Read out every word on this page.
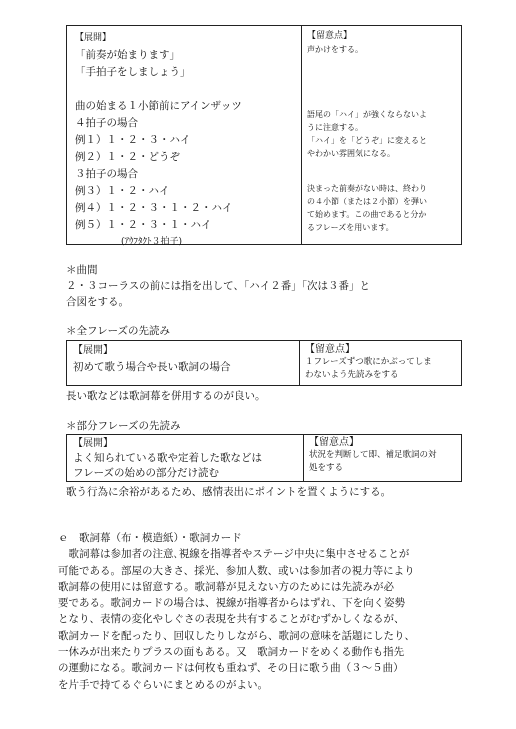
【展開】
「前奏が始まります」
「手拍子をしましょう」
曲の始まる１小節前にアインザッツ
４拍子の場合
例１）１・２・３・ハイ
例２）１・２・どうぞ
３拍子の場合
例３）１・２・ハイ
例４）１・２・３・１・２・ハイ
例５）１・２・３・１・ハイ
(ｱｳﾌﾀｸﾄ３拍子)
【留意点】
声かけをする。
語尾の「ハイ」が強くならないよ
うに注意する。
「ハイ」を「どうぞ」に変えると
やわかい雰囲気になる。
決まった前奏がない時は、終わり
の４小節（または２小節）を弾い
て始めます。この曲であると分か
るフレーズを用います。
＊曲間
２・３コーラスの前には指を出して、「ハイ２番」「次は３番」と
合図をする。
＊全フレーズの先読み
【展開】
初めて歌う場合や長い歌詞の場合
【留意点】
１フレーズずつ歌にかぶってしま
わないよう先読みをする
長い歌などは歌詞幕を併用するのが良い。
＊部分フレーズの先読み
【展開】
よく知られている歌や定着した歌などは
フレーズの始めの部分だけ読む
【留意点】
状況を判断して即、補足歌詞の対
処をする
歌う行為に余裕があるため、感情表出にポイントを置くようにする。
ｅ　歌詞幕（布・模造紙）・歌詞カード
　歌詞幕は参加者の注意､視線を指導者やステージ中央に集中させることが
可能である。部屋の大きさ、採光、参加人数、或いは参加者の視力等により
歌詞幕の使用には留意する。歌詞幕が見えない方のためには先読みが必
要である。歌詞カードの場合は、視線が指導者からはずれ、下を向く姿勢
となり、表情の変化やしぐさの表現を共有することがむずかしくなるが、
歌詞カードを配ったり、回収したりしながら、歌詞の意味を話題にしたり、
一休みが出来たりプラスの面もある。又　歌詞カードをめくる動作も指先
の運動になる。歌詞カードは何枚も重ねず、その日に歌う曲（３～５曲）
を片手で持てるぐらいにまとめるのがよい。
